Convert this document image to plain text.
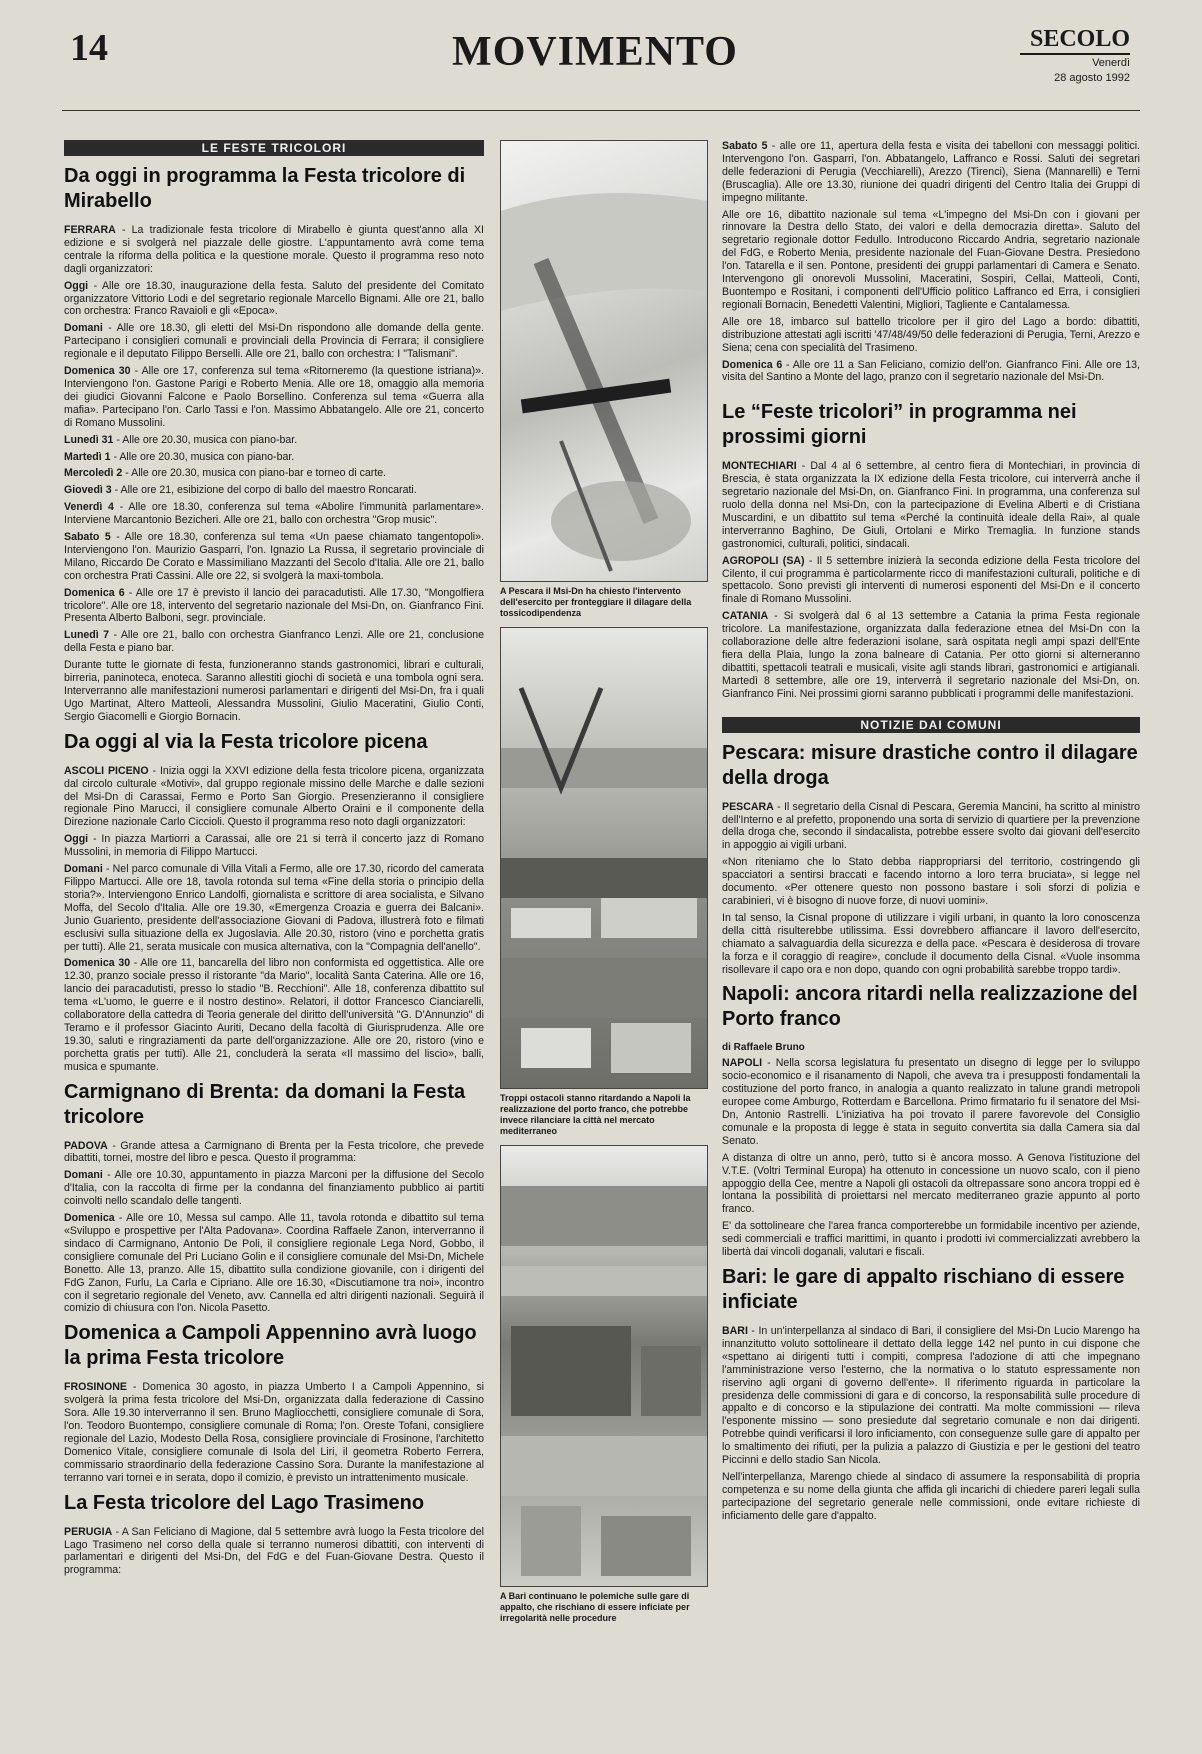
14	MOVIMENTO	SECOLO
Venerdì
28 agosto 1992
LE FESTE TRICOLORI
Da oggi in programma la Festa tricolore di Mirabello

FERRARA - La tradizionale festa tricolore di Mirabello è giunta quest'anno alla XI edizione e si svolgerà nel piazzale delle giostre. L'appuntamento avrà come tema centrale la riforma della politica e la questione morale. Questo il programma reso noto dagli organizzatori:

Oggi - Alle ore 18.30, inaugurazione della festa. Saluto del presidente del Comitato organizzatore Vittorio Lodi e del segretario regionale Marcello Bignami. Alle ore 21, ballo con orchestra: Franco Ravaioli e gli «Epoca».

Domani - Alle ore 18.30, gli eletti del Msi-Dn rispondono alle domande della gente. Partecipano i consiglieri comunali e provinciali della Provincia di Ferrara; il consigliere regionale e il deputato Filippo Berselli. Alle ore 21, ballo con orchestra: I "Talismani".

Domenica 30 - Alle ore 17, conferenza sul tema «Ritorneremo (la questione istriana)». Interviengono l'on. Gastone Parigi e Roberto Menia. Alle ore 18, omaggio alla memoria dei giudici Giovanni Falcone e Paolo Borsellino. Conferenza sul tema «Guerra alla mafia». Partecipano l'on. Carlo Tassi e l'on. Massimo Abbatangelo. Alle ore 21, concerto di Romano Mussolini.

Lunedì 31 - Alle ore 20.30, musica con piano-bar.

Martedì 1 - Alle ore 20.30, musica con piano-bar.

Mercoledì 2 - Alle ore 20.30, musica con piano-bar e torneo di carte.

Giovedì 3 - Alle ore 21, esibizione del corpo di ballo del maestro Roncarati.

Venerdì 4 - Alle ore 18.30, conferenza sul tema «Abolire l'immunità parlamentare». Interviene Marcantonio Bezicheri. Alle ore 21, ballo con orchestra "Grop music".

Sabato 5 - Alle ore 18.30, conferenza sul tema «Un paese chiamato tangentopoli». Interviengono l'on. Maurizio Gasparri, l'on. Ignazio La Russa, il segretario provinciale di Milano, Riccardo De Corato e Massimiliano Mazzanti del Secolo d'Italia. Alle ore 21, ballo con orchestra Prati Cassini. Alle ore 22, si svolgerà la maxi-tombola.

Domenica 6 - Alle ore 17 è previsto il lancio dei paracadutisti. Alle 17.30, "Mongolfiera tricolore". Alle ore 18, intervento del segretario nazionale del Msi-Dn, on. Gianfranco Fini. Presenta Alberto Balboni, segr. provinciale.

Lunedì 7 - Alle ore 21, ballo con orchestra Gianfranco Lenzi. Alle ore 21, conclusione della Festa e piano bar.

Durante tutte le giornate di festa, funzioneranno stands gastronomici, librari e culturali, birreria, paninoteca, enoteca. Saranno allestiti giochi di società e una tombola ogni sera. Interverranno alle manifestazioni numerosi parlamentari e dirigenti del Msi-Dn, fra i quali Ugo Martinat, Altero Matteoli, Alessandra Mussolini, Giulio Maceratini, Giulio Conti, Sergio Giacomelli e Giorgio Bornacin.

Da oggi al via la Festa tricolore picena

ASCOLI PICENO - Inizia oggi la XXVI edizione della festa tricolore picena, organizzata dal circolo culturale «Motivi», dal gruppo regionale missino delle Marche e dalle sezioni del Msi-Dn di Carassai, Fermo e Porto San Giorgio. Presenzieranno il consigliere regionale Pino Marucci, il consigliere comunale Alberto Oraini e il componente della Direzione nazionale Carlo Ciccioli. Questo il programma reso noto dagli organizzatori:

Oggi - In piazza Martiorri a Carassai, alle ore 21 si terrà il concerto jazz di Romano Mussolini, in memoria di Filippo Martucci.

Domani - Nel parco comunale di Villa Vitali a Fermo, alle ore 17.30, ricordo del camerata Filippo Martucci. Alle ore 18, tavola rotonda sul tema «Fine della storia o principio della storia?». Interviengono Enrico Landolfi, giornalista e scrittore di area socialista, e Silvano Moffa, del Secolo d'Italia. Alle ore 19.30, «Emergenza Croazia e guerra dei Balcani». Junio Guariento, presidente dell'associazione Giovani di Padova, illustrerà foto e filmati esclusivi sulla situazione della ex Jugoslavia. Alle 20.30, ristoro (vino e porchetta gratis per tutti). Alle 21, serata musicale con musica alternativa, con la "Compagnia dell'anello".

Domenica 30 - Alle ore 11, bancarella del libro non conformista ed oggettistica. Alle ore 12.30, pranzo sociale presso il ristorante "da Mario", località Santa Caterina. Alle ore 16, lancio dei paracadutisti, presso lo stadio "B. Recchioni". Alle 18, conferenza dibattito sul tema «L'uomo, le guerre e il nostro destino». Relatori, il dottor Francesco Cianciarelli, collaboratore della cattedra di Teoria generale del diritto dell'università "G. D'Annunzio" di Teramo e il professor Giacinto Auriti, Decano della facoltà di Giurisprudenza. Alle ore 19.30, saluti e ringraziamenti da parte dell'organizzazione. Alle ore 20, ristoro (vino e porchetta gratis per tutti). Alle 21, concluderà la serata «Il massimo del liscio», balli, musica e spumante.

Carmignano di Brenta: da domani la Festa tricolore

PADOVA - Grande attesa a Carmignano di Brenta per la Festa tricolore, che prevede dibattiti, tornei, mostre del libro e pesca. Questo il programma:

Domani - Alle ore 10.30, appuntamento in piazza Marconi per la diffusione del Secolo d'Italia, con la raccolta di firme per la condanna del finanziamento pubblico ai partiti coinvolti nello scandalo delle tangenti.

Domenica - Alle ore 10, Messa sul campo. Alle 11, tavola rotonda e dibattito sul tema «Sviluppo e prospettive per l'Alta Padovana». Coordina Raffaele Zanon, interverranno il sindaco di Carmignano, Antonio De Poli, il consigliere regionale Lega Nord, Gobbo, il consigliere comunale del Pri Luciano Golin e il consigliere comunale del Msi-Dn, Michele Bonetto. Alle 13, pranzo. Alle 15, dibattito sulla condizione giovanile, con i dirigenti del FdG Zanon, Furlu, La Carla e Cipriano. Alle ore 16.30, «Discutiamone tra noi», incontro con il segretario regionale del Veneto, avv. Cannella ed altri dirigenti nazionali. Seguirà il comizio di chiusura con l'on. Nicola Pasetto.

Domenica a Campoli Appennino avrà luogo la prima Festa tricolore

FROSINONE - Domenica 30 agosto, in piazza Umberto I a Campoli Appennino, si svolgerà la prima festa tricolore del Msi-Dn, organizzata dalla federazione di Cassino Sora. Alle 19.30 interverranno il sen. Bruno Magliocchetti, consigliere comunale di Sora, l'on. Teodoro Buontempo, consigliere comunale di Roma; l'on. Oreste Tofani, consigliere regionale del Lazio, Modesto Della Rosa, consigliere provinciale di Frosinone, l'architetto Domenico Vitale, consigliere comunale di Isola del Liri, il geometra Roberto Ferrera, commissario straordinario della federazione Cassino Sora. Durante la manifestazione al terranno vari tornei e in serata, dopo il comizio, è previsto un intrattenimento musicale.

La Festa tricolore del Lago Trasimeno

PERUGIA - A San Feliciano di Magione, dal 5 settembre avrà luogo la Festa tricolore del Lago Trasimeno nel corso della quale si terranno numerosi dibattiti, con interventi di parlamentari e dirigenti del Msi-Dn, del FdG e del Fuan-Giovane Destra. Questo il programma:

A Pescara il Msi-Dn ha chiesto l'intervento dell'esercito per fronteggiare il dilagare della tossicodipendenza
Troppi ostacoli stanno ritardando a Napoli la realizzazione del porto franco, che potrebbe invece rilanciare la città nel mercato mediterraneo
A Bari continuano le polemiche sulle gare di appalto, che rischiano di essere inficiate per irregolarità nelle procedure

Sabato 5 - alle ore 11, apertura della festa e visita dei tabelloni con messaggi politici. Intervengono l'on. Gasparri, l'on. Abbatangelo, Laffranco e Rossi. Saluti dei segretari delle federazioni di Perugia (Vecchiarelli), Arezzo (Tirenci), Siena (Mannarelli) e Terni (Bruscaglia). Alle ore 13.30, riunione dei quadri dirigenti del Centro Italia dei Gruppi di impegno militante.

Alle ore 16, dibattito nazionale sul tema «L'impegno del Msi-Dn con i giovani per rinnovare la Destra dello Stato, dei valori e della democrazia diretta». Saluto del segretario regionale dottor Fedullo. Introducono Riccardo Andria, segretario nazionale del FdG, e Roberto Menia, presidente nazionale del Fuan-Giovane Destra. Presiedono l'on. Tatarella e il sen. Pontone, presidenti dei gruppi parlamentari di Camera e Senato. Intervengono gli onorevoli Mussolini, Maceratini, Sospiri, Cellai, Matteoli, Conti, Buontempo e Rositani, i componenti dell'Ufficio politico Laffranco ed Erra, i consiglieri regionali Bornacin, Benedetti Valentini, Migliori, Tagliente e Cantalamessa.

Alle ore 18, imbarco sul battello tricolore per il giro del Lago a bordo: dibattiti, distribuzione attestati agli iscritti '47/48/49/50 delle federazioni di Perugia, Terni, Arezzo e Siena; cena con specialità del Trasimeno.

Domenica 6 - Alle ore 11 a San Feliciano, comizio dell'on. Gianfranco Fini. Alle ore 13, visita del Santino a Monte del lago, pranzo con il segretario nazionale del Msi-Dn.

Le “Feste tricolori” in programma nei prossimi giorni

MONTECHIARI - Dal 4 al 6 settembre, al centro fiera di Montechiari, in provincia di Brescia, è stata organizzata la IX edizione della Festa tricolore, cui interverrà anche il segretario nazionale del Msi-Dn, on. Gianfranco Fini. In programma, una conferenza sul ruolo della donna nel Msi-Dn, con la partecipazione di Evelina Alberti e di Cristiana Muscardini, e un dibattito sul tema «Perché la continuità ideale della Rai», al quale interverranno Baghino, De Giuli, Ortolani e Mirko Tremaglia. In funzione stands gastronomici, culturali, politici, sindacali.

AGROPOLI (SA) - Il 5 settembre inizierà la seconda edizione della Festa tricolore del Cilento, il cui programma è particolarmente ricco di manifestazioni culturali, politiche e di spettacolo. Sono previsti gli interventi di numerosi esponenti del Msi-Dn e il concerto finale di Romano Mussolini.

CATANIA - Si svolgerà dal 6 al 13 settembre a Catania la prima Festa regionale tricolore. La manifestazione, organizzata dalla federazione etnea del Msi-Dn con la collaborazione delle altre federazioni isolane, sarà ospitata negli ampi spazi dell'Ente fiera della Plaia, lungo la zona balneare di Catania. Per otto giorni si alterneranno dibattiti, spettacoli teatrali e musicali, visite agli stands librari, gastronomici e artigianali. Martedì 8 settembre, alle ore 19, interverrà il segretario nazionale del Msi-Dn, on. Gianfranco Fini. Nei prossimi giorni saranno pubblicati i programmi delle manifestazioni.

NOTIZIE DAI COMUNI
Pescara: misure drastiche contro il dilagare della droga

PESCARA - Il segretario della Cisnal di Pescara, Geremia Mancini, ha scritto al ministro dell'Interno e al prefetto, proponendo una sorta di servizio di quartiere per la prevenzione della droga che, secondo il sindacalista, potrebbe essere svolto dai giovani dell'esercito in appoggio ai vigili urbani.

«Non riteniamo che lo Stato debba riappropriarsi del territorio, costringendo gli spacciatori a sentirsi braccati e facendo intorno a loro terra bruciata», si legge nel documento. «Per ottenere questo non possono bastare i soli sforzi di polizia e carabinieri, vi è bisogno di nuove forze, di nuovi uomini».

In tal senso, la Cisnal propone di utilizzare i vigili urbani, in quanto la loro conoscenza della città risulterebbe utilissima. Essi dovrebbero affiancare il lavoro dell'esercito, chiamato a salvaguardia della sicurezza e della pace. «Pescara è desiderosa di trovare la forza e il coraggio di reagire», conclude il documento della Cisnal. «Vuole insomma risollevare il capo ora e non dopo, quando con ogni probabilità sarebbe troppo tardi».

Napoli: ancora ritardi nella realizzazione del Porto franco
di Raffaele Bruno

NAPOLI - Nella scorsa legislatura fu presentato un disegno di legge per lo sviluppo socio-economico e il risanamento di Napoli, che aveva tra i presupposti fondamentali la costituzione del porto franco, in analogia a quanto realizzato in talune grandi metropoli europee come Amburgo, Rotterdam e Barcellona. Primo firmatario fu il senatore del Msi-Dn, Antonio Rastrelli. L'iniziativa ha poi trovato il parere favorevole del Consiglio comunale e la proposta di legge è stata in seguito convertita sia dalla Camera sia dal Senato.

A distanza di oltre un anno, però, tutto si è ancora mosso. A Genova l'istituzione del V.T.E. (Voltri Terminal Europa) ha ottenuto in concessione un nuovo scalo, con il pieno appoggio della Cee, mentre a Napoli gli ostacoli da oltrepassare sono ancora troppi ed è lontana la possibilità di proiettarsi nel mercato mediterraneo grazie appunto al porto franco.

E' da sottolineare che l'area franca comporterebbe un formidabile incentivo per aziende, sedi commerciali e traffici marittimi, in quanto i prodotti ivi commercializzati avrebbero la libertà dai vincoli doganali, valutari e fiscali.

Bari: le gare di appalto rischiano di essere inficiate

BARI - In un'interpellanza al sindaco di Bari, il consigliere del Msi-Dn Lucio Marengo ha innanzitutto voluto sottolineare il dettato della legge 142 nel punto in cui dispone che «spettano ai dirigenti tutti i compiti, compresa l'adozione di atti che impegnano l'amministrazione verso l'esterno, che la normativa o lo statuto espressamente non riservino agli organi di governo dell'ente». Il riferimento riguarda in particolare la presidenza delle commissioni di gara e di concorso, la responsabilità sulle procedure di appalto e di concorso e la stipulazione dei contratti. Ma molte commissioni — rileva l'esponente missino — sono presiedute dal segretario comunale e non dai dirigenti. Potrebbe quindi verificarsi il loro inficiamento, con conseguenze sulle gare di appalto per lo smaltimento dei rifiuti, per la pulizia a palazzo di Giustizia e per le gestioni del teatro Piccinni e dello stadio San Nicola.

Nell'interpellanza, Marengo chiede al sindaco di assumere la responsabilità di propria competenza e su nome della giunta che affida gli incarichi di chiedere pareri legali sulla partecipazione del segretario generale nelle commissioni, onde evitare richieste di inficiamento delle gare d'appalto.
